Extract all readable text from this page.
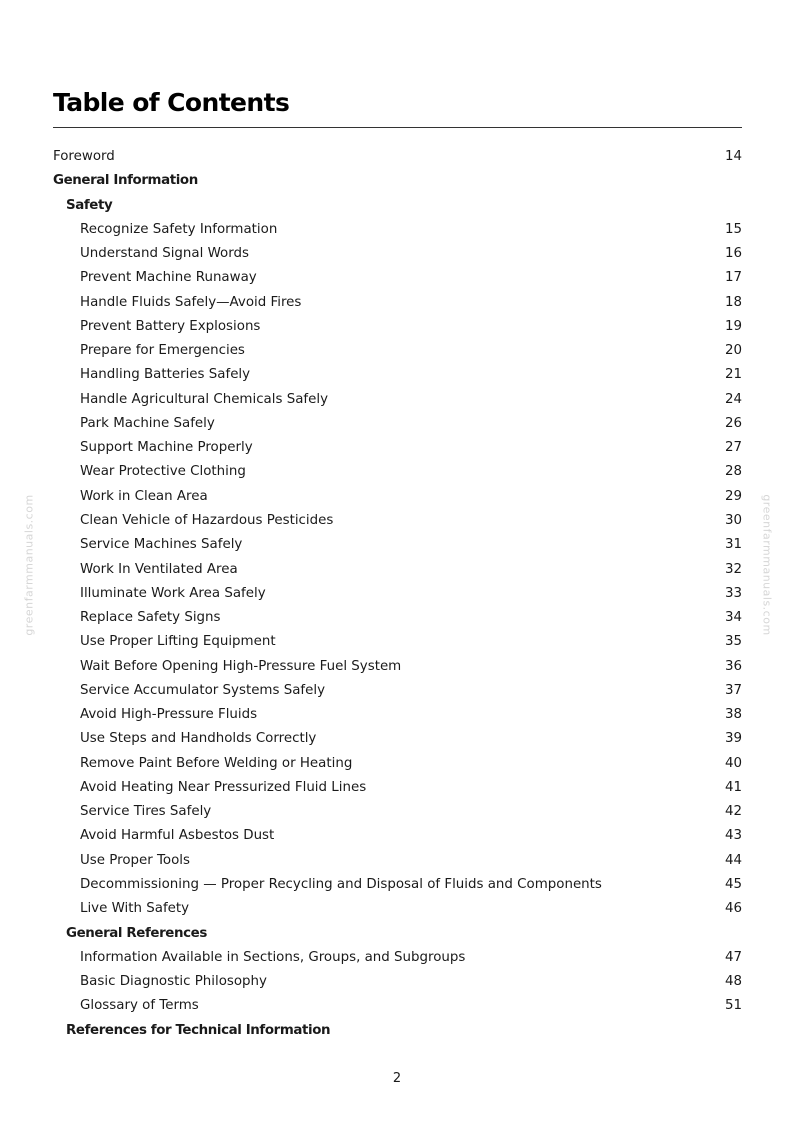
Table of Contents
Foreword	14
General Information
Safety
Recognize Safety Information	15
Understand Signal Words	16
Prevent Machine Runaway	17
Handle Fluids Safely—Avoid Fires	18
Prevent Battery Explosions	19
Prepare for Emergencies	20
Handling Batteries Safely	21
Handle Agricultural Chemicals Safely	24
Park Machine Safely	26
Support Machine Properly	27
Wear Protective Clothing	28
Work in Clean Area	29
Clean Vehicle of Hazardous Pesticides	30
Service Machines Safely	31
Work In Ventilated Area	32
Illuminate Work Area Safely	33
Replace Safety Signs	34
Use Proper Lifting Equipment	35
Wait Before Opening High-Pressure Fuel System	36
Service Accumulator Systems Safely	37
Avoid High-Pressure Fluids	38
Use Steps and Handholds Correctly	39
Remove Paint Before Welding or Heating	40
Avoid Heating Near Pressurized Fluid Lines	41
Service Tires Safely	42
Avoid Harmful Asbestos Dust	43
Use Proper Tools	44
Decommissioning — Proper Recycling and Disposal of Fluids and Components	45
Live With Safety	46
General References
Information Available in Sections, Groups, and Subgroups	47
Basic Diagnostic Philosophy	48
Glossary of Terms	51
References for Technical Information
2
greenfarmmanuals.com	greenfarmmanuals.com
